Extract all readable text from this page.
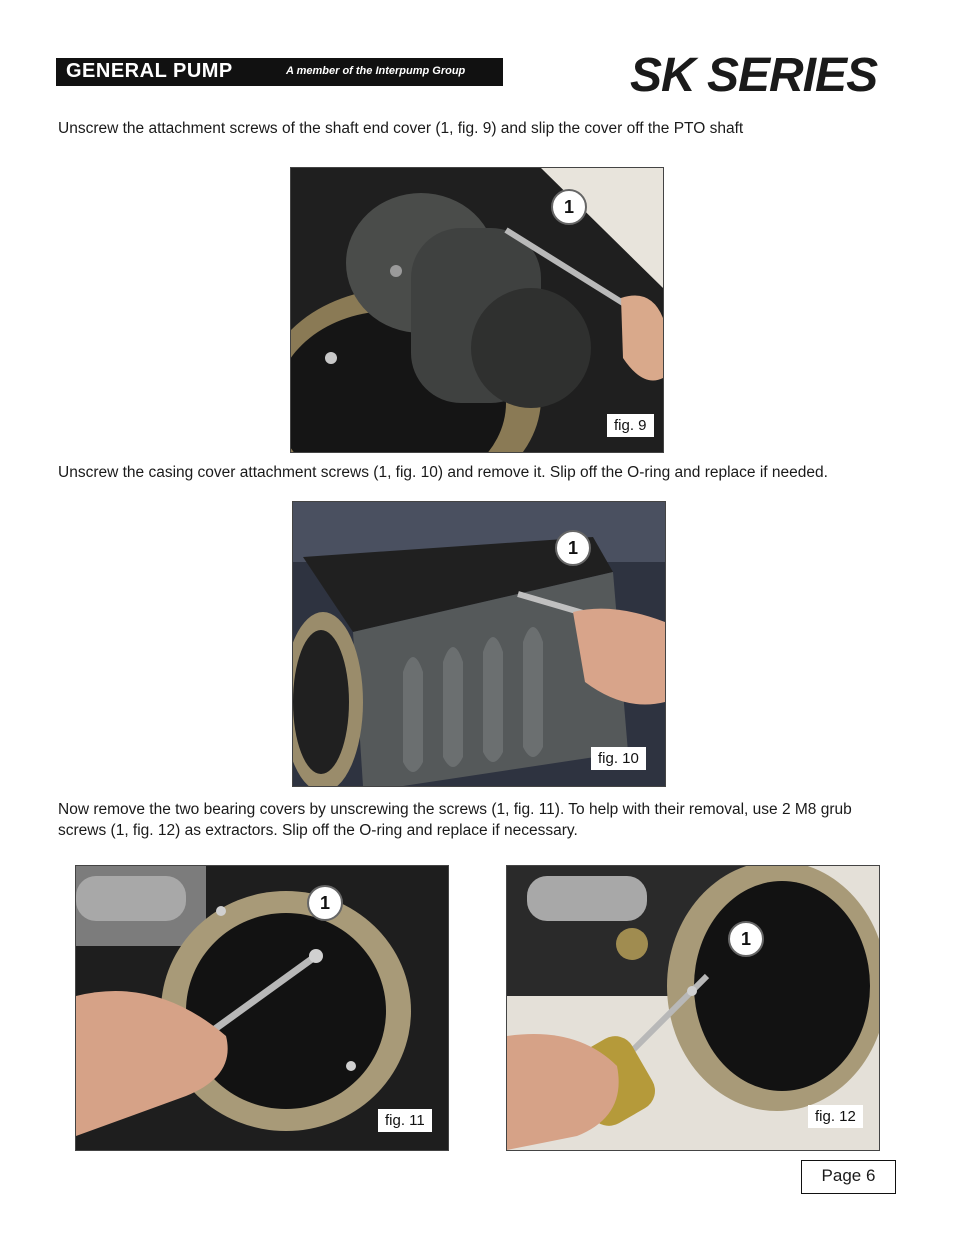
GENERAL PUMP	A member of the Interpump Group	SK SERIES
Unscrew the attachment screws of the shaft end cover (1, fig. 9) and slip the cover off the PTO shaft
1
fig. 9
Unscrew the casing cover attachment screws (1, fig. 10) and remove it. Slip off the O-ring and replace if needed.
1
fig. 10
Now remove the two bearing covers by unscrewing the screws (1, fig. 11). To help with their removal, use 2 M8 grub screws (1, fig. 12) as extractors. Slip off the O-ring and replace if necessary.
1
fig. 11
1
fig. 12
Page 6
